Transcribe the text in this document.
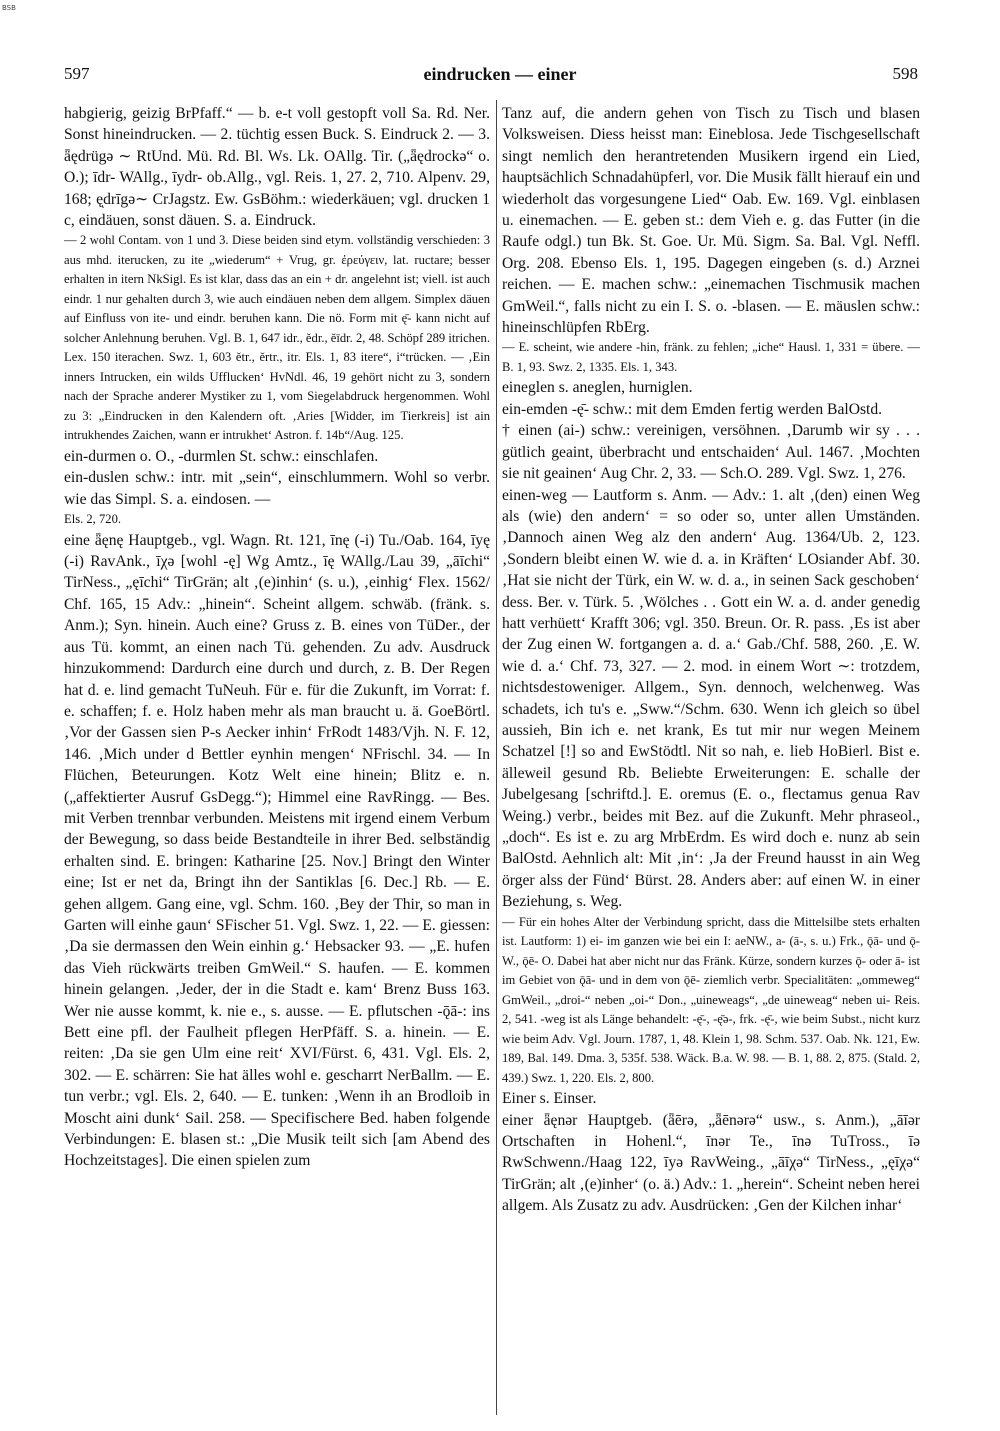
BSB
597	eindrucken — einer	598

habgierig, geizig BrPfaff.“ — b. e-t voll gestopft voll Sa. Rd. Ner. Sonst hineindrucken. — 2. tüchtig essen Buck. S. Eindruck 2. — 3. ǟędrügə ∼ RtUnd. Mü. Rd. Bl. Ws. Lk. OAllg. Tir. („ǟędrockə“ o. O.); īdr- WAllg., īydr- ob.Allg., vgl. Reis. 1, 27. 2, 710. Alpenv. 29, 168; ęͅdrīgə∼ CrJagstz. Ew. GsBöhm.: wiederkäuen; vgl. drucken 1 c, eindäuen, sonst däuen. S. a. Eindruck.

— 2 wohl Contam. von 1 und 3. Diese beiden sind etym. vollständig verschieden: 3 aus mhd. iterucken, zu ite „wiederum“ + Vrug, gr. ἐρεύγειν, lat. ructare; besser erhalten in itern NkSigl. Es ist klar, dass das an ein + dr. angelehnt ist; viell. ist auch eindr. 1 nur gehalten durch 3, wie auch eindäuen neben dem allgem. Simplex däuen auf Einfluss von ite- und eindr. beruhen kann. Die nö. Form mit ę̄- kann nicht auf solcher Anlehnung beruhen. Vgl. B. 1, 647 idr., ědr., ěīdr. 2, 48. Schöpf 289 itrichen. Lex. 150 iterachen. Swz. 1, 603 ětr., ěrtr., itr. Els. 1, 83 itere“, i“trücken. — ‚Ein inners Intrucken, ein wilds Ufflucken‘ HvNdl. 46, 19 gehört nicht zu 3, sondern nach der Sprache anderer Mystiker zu 1, vom Siegelabdruck hergenommen. Wohl zu 3: „Eindrucken in den Kalendern oft. ‚Aries [Widder, im Tierkreis] ist ain intrukhendes Zaichen, wann er intrukhet‘ Astron. f. 14b“/Aug. 125.

ein-durmen o. O., -durmlen St. schw.: einschlafen.

ein-duslen schw.: intr. mit „sein“, einschlummern. Wohl so verbr. wie das Simpl. S. a. eindosen. —

Els. 2, 720.

eine ǟęnę Hauptgeb., vgl. Wagn. Rt. 121, īnę (-i) Tu./Oab. 164, īyę (-i) RavAnk., īχə [wohl -ę] Wg Amtz., īę WAllg./Lau 39, „āīchi“ TirNess., „ęīchi“ TirGrän; alt ‚(e)inhin‘ (s. u.), ‚einhig‘ Flex. 1562/ Chf. 165, 15 Adv.: „hinein“. Scheint allgem. schwäb. (fränk. s. Anm.); Syn. hinein. Auch eine? Gruss z. B. eines von TüDer., der aus Tü. kommt, an einen nach Tü. gehenden. Zu adv. Ausdruck hinzukommend: Dardurch eine durch und durch, z. B. Der Regen hat d. e. lind gemacht TuNeuh. Für e. für die Zukunft, im Vorrat: f. e. schaffen; f. e. Holz haben mehr als man braucht u. ä. GoeBörtl. ‚Vor der Gassen sien P-s Aecker inhin‘ FrRodt 1483/Vjh. N. F. 12, 146. ‚Mich under d Bettler eynhin mengen‘ NFrischl. 34. — In Flüchen, Beteurungen. Kotz Welt eine hinein; Blitz e. n. („affektierter Ausruf GsDegg.“); Himmel eine RavRingg. — Bes. mit Verben trennbar verbunden. Meistens mit irgend einem Verbum der Bewegung, so dass beide Bestandteile in ihrer Bed. selbständig erhalten sind. E. bringen: Katharine [25. Nov.] Bringt den Winter eine; Ist er net da, Bringt ihn der Santiklas [6. Dec.] Rb. — E. gehen allgem. Gang eine, vgl. Schm. 160. ‚Bey der Thir, so man in Garten will einhe gaun‘ SFischer 51. Vgl. Swz. 1, 22. — E. giessen: ‚Da sie dermassen den Wein einhin g.‘ Hebsacker 93. — „E. hufen das Vieh rückwärts treiben GmWeil.“ S. haufen. — E. kommen hinein gelangen. ‚Jeder, der in die Stadt e. kam‘ Brenz Buss 163. Wer nie ausse kommt, k. nie e., s. ausse. — E. pflutschen -ǭā-: ins Bett eine pfl. der Faulheit pflegen HerPfäff. S. a. hinein. — E. reiten: ‚Da sie gen Ulm eine reit‘ XVI/Fürst. 6, 431. Vgl. Els. 2, 302. — E. schärren: Sie hat älles wohl e. gescharrt NerBallm. — E. tun verbr.; vgl. Els. 2, 640. — E. tunken: ‚Wenn ih an Brodloib in Moscht aini dunk‘ Sail. 258. — Specifischere Bed. haben folgende Verbindungen: E. blasen st.: „Die Musik teilt sich [am Abend des Hochzeitstages]. Die einen spielen zum

Tanz auf, die andern gehen von Tisch zu Tisch und blasen Volksweisen. Diess heisst man: Eineblosa. Jede Tischgesellschaft singt nemlich den herantretenden Musikern irgend ein Lied, hauptsächlich Schnadahüpferl, vor. Die Musik fällt hierauf ein und wiederholt das vorgesungene Lied“ Oab. Ew. 169. Vgl. einblasen u. einemachen. — E. geben st.: dem Vieh e. g. das Futter (in die Raufe odgl.) tun Bk. St. Goe. Ur. Mü. Sigm. Sa. Bal. Vgl. Neffl. Org. 208. Ebenso Els. 1, 195. Dagegen eingeben (s. d.) Arznei reichen. — E. machen schw.: „einemachen Tischmusik machen GmWeil.“, falls nicht zu ein I. S. o. -blasen. — E. mäuslen schw.: hineinschlüpfen RbErg.

— E. scheint, wie andere -hin, fränk. zu fehlen; „iche“ Hausl. 1, 331 = übere. — B. 1, 93. Swz. 2, 1335. Els. 1, 343.

eineglen s. aneglen, hurniglen.

ein-emden -ę̄- schw.: mit dem Emden fertig werden BalOstd.

† einen (ai-) schw.: vereinigen, versöhnen. ‚Darumb wir sy . . . gütlich geaint, überbracht und entschaiden‘ Aul. 1467. ‚Mochten sie nit geainen‘ Aug Chr. 2, 33. — Sch.O. 289. Vgl. Swz. 1, 276.

einen-weg — Lautform s. Anm. — Adv.: 1. alt ‚(den) einen Weg als (wie) den andern‘ = so oder so, unter allen Umständen. ‚Dannoch ainen Weg alz den andern‘ Aug. 1364/Ub. 2, 123. ‚Sondern bleibt einen W. wie d. a. in Kräften‘ LOsiander Abf. 30. ‚Hat sie nicht der Türk, ein W. w. d. a., in seinen Sack geschoben‘ dess. Ber. v. Türk. 5. ‚Wölches . . Gott ein W. a. d. ander genedig hatt verhüett‘ Krafft 306; vgl. 350. Breun. Or. R. pass. ‚Es ist aber der Zug einen W. fortgangen a. d. a.‘ Gab./Chf. 588, 260. ‚E. W. wie d. a.‘ Chf. 73, 327. — 2. mod. in einem Wort ∼: trotzdem, nichtsdestoweniger. Allgem., Syn. dennoch, welchenweg. Was schadets, ich tu's e. „Sww.“/Schm. 630. Wenn ich gleich so übel aussieh, Bin ich e. net krank, Es tut mir nur wegen Meinem Schatzel [!] so and EwStödtl. Nit so nah, e. lieb HoBierl. Bist e. älleweil gesund Rb. Beliebte Erweiterungen: E. schalle der Jubelgesang [schriftd.]. E. oremus (E. o., flectamus genua Rav Weing.) verbr., beides mit Bez. auf die Zukunft. Mehr phraseol., „doch“. Es ist e. zu arg MrbErdm. Es wird doch e. nunz ab sein BalOstd. Aehnlich alt: Mit ‚in‘: ‚Ja der Freund hausst in ain Weg örger alss der Fünd‘ Bürst. 28. Anders aber: auf einen W. in einer Beziehung, s. Weg.

— Für ein hohes Alter der Verbindung spricht, dass die Mittelsilbe stets erhalten ist. Lautform: 1) ei- im ganzen wie bei ein I: aeNW., a- (ā-, s. u.) Frk., ǭā- und ǭ- W., ǭē- O. Dabei hat aber nicht nur das Fränk. Kürze, sondern kurzes ǭ- oder ā- ist im Gebiet von ǭā- und in dem von ǭē- ziemlich verbr. Specialitäten: „ommeweg“ GmWeil., „droi-“ neben „oi-“ Don., „uineweags“, „de uineweag“ neben ui- Reis. 2, 541. -weg ist als Länge behandelt: -ę̄-, -ę̄ə-, frk. -ę̄-, wie beim Subst., nicht kurz wie beim Adv. Vgl. Journ. 1787, 1, 48. Klein 1, 98. Schm. 537. Oab. Nk. 121, Ew. 189, Bal. 149. Dma. 3, 535f. 538. Wäck. B.a. W. 98. — B. 1, 88. 2, 875. (Stald. 2, 439.) Swz. 1, 220. Els. 2, 800.

Einer s. Einser.

einer ǟęnər Hauptgeb. (ǟērə, „ǟēnərə“ usw., s. Anm.), „āīər Ortschaften in Hohenl.“, īnər Te., īnə TuTross., īə RwSchwenn./Haag 122, īyə RavWeing., „āīχə“ TirNess., „ęīχə“ TirGrän; alt ‚(e)inher‘ (o. ä.) Adv.: 1. „herein“. Scheint neben herei allgem. Als Zusatz zu adv. Ausdrücken: ‚Gen der Kilchen inhar‘
